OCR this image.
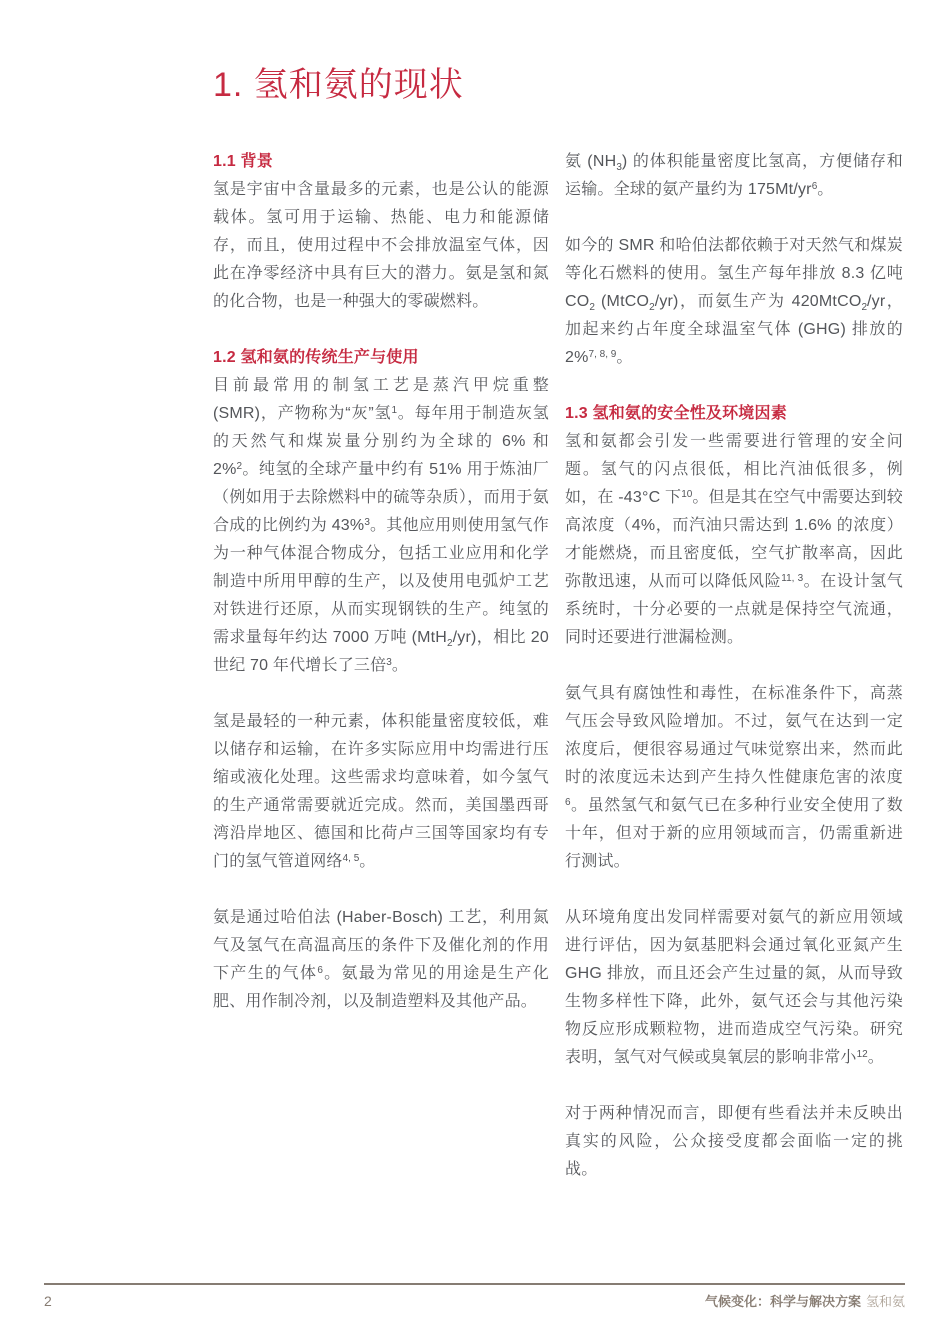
1. 氢和氨的现状
1.1 背景

氢是宇宙中含量最多的元素，也是公认的能源载体。氢可用于运输、热能、电力和能源储存，而且，使用过程中不会排放温室气体，因此在净零经济中具有巨大的潜力。氨是氢和氮的化合物，也是一种强大的零碳燃料。

1.2 氢和氨的传统生产与使用

目前最常用的制氢工艺是蒸汽甲烷重整 (SMR)，产物称为“灰”氢$^1$。每年用于制造灰氢的天然气和煤炭量分别约为全球的 6% 和 2%$^2$。纯氢的全球产量中约有 51% 用于炼油厂（例如用于去除燃料中的硫等杂质），而用于氨合成的比例约为 43%$^3$。其他应用则使用氢气作为一种气体混合物成分，包括工业应用和化学制造中所用甲醇的生产，以及使用电弧炉工艺对铁进行还原，从而实现钢铁的生产。纯氢的需求量每年约达 7000 万吨 (MtH$_2$/yr)，相比 20 世纪 70 年代增长了三倍$^3$。

氢是最轻的一种元素，体积能量密度较低，难以储存和运输，在许多实际应用中均需进行压缩或液化处理。这些需求均意味着，如今氢气的生产通常需要就近完成。然而，美国墨西哥湾沿岸地区、德国和比荷卢三国等国家均有专门的氢气管道网络$^{4, 5}$。

氨是通过哈伯法 (Haber-Bosch) 工艺，利用氮气及氢气在高温高压的条件下及催化剂的作用下产生的气体$^6$。氨最为常见的用途是生产化肥、用作制冷剂，以及制造塑料及其他产品。

氨 $(NH_3)$ 的体积能量密度比氢高，方便储存和运输。全球的氨产量约为 $175Mt/yr^6$。

如今的 SMR 和哈伯法都依赖于对天然气和煤炭等化石燃料的使用。氢生产每年排放 8.3 亿吨 $CO_2$ (MtCO$_2$/yr)，而氨生产为 420MtCO$_2$/yr，加起来约占年度全球温室气体 (GHG) 排放的 2%$^{7, 8, 9}$。

1.3 氢和氨的安全性及环境因素

氢和氨都会引发一些需要进行管理的安全问题。氢气的闪点很低，相比汽油低很多，例如，在 -43°C 下$^{10}$。但是其在空气中需要达到较高浓度（4%，而汽油只需达到 1.6% 的浓度）才能燃烧，而且密度低，空气扩散率高，因此弥散迅速，从而可以降低风险$^{11, 3}$。在设计氢气系统时，十分必要的一点就是保持空气流通，同时还要进行泄漏检测。

氨气具有腐蚀性和毒性，在标准条件下，高蒸气压会导致风险增加。不过，氨气在达到一定浓度后，便很容易通过气味觉察出来，然而此时的浓度远未达到产生持久性健康危害的浓度$^6$。虽然氢气和氨气已在多种行业安全使用了数十年，但对于新的应用领域而言，仍需重新进行测试。

从环境角度出发同样需要对氨气的新应用领域进行评估，因为氨基肥料会通过氧化亚氮产生 GHG 排放，而且还会产生过量的氮，从而导致生物多样性下降，此外，氨气还会与其他污染物反应形成颗粒物，进而造成空气污染。研究表明，氢气对气候或臭氧层的影响非常小$^{12}$。

对于两种情况而言，即便有些看法并未反映出真实的风险，公众接受度都会面临一定的挑战。

2	气候变化：科学与解决方案 氢和氨
